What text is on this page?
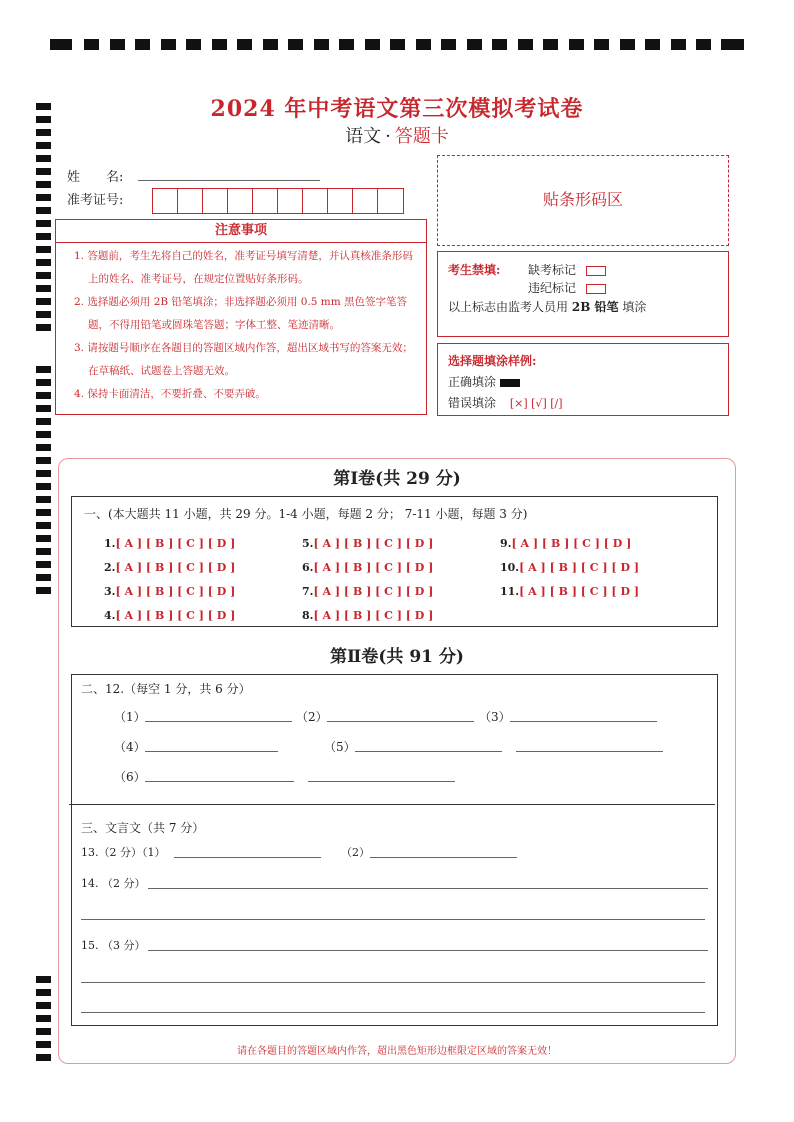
2024 年中考语文第三次模拟考试卷
语文 · 答题卡
姓　　名:
准考证号:	贴条形码区
注意事项
1. 答题前，考生先将自己的姓名，准考证号填写清楚，并认真核准条形码上的姓名、准考证号，在规定位置贴好条形码。
2. 选择题必须用 2B 铅笔填涂；非选择题必须用 0.5 mm 黑色签字笔答题，不得用铅笔或圆珠笔答题；字体工整、笔迹清晰。
3. 请按题号顺序在各题目的答题区域内作答，超出区域书写的答案无效；在草稿纸、试题卷上答题无效。
4. 保持卡面清洁，不要折叠、不要弄破。
考生禁填: 缺考标记
违纪标记
以上标志由监考人员用 2B 铅笔 填涂
选择题填涂样例:
正确填涂
错误填涂 [×] [√] [/]
第Ⅰ卷(共 29 分)
一、(本大题共 11 小题，共 29 分。1-4 小题，每题 2 分； 7-11 小题，每题 3 分)
1.[ A ] [ B ] [ C ] [ D ]
2.[ A ] [ B ] [ C ] [ D ]
3.[ A ] [ B ] [ C ] [ D ]
4.[ A ] [ B ] [ C ] [ D ]
5.[ A ] [ B ] [ C ] [ D ]
6.[ A ] [ B ] [ C ] [ D ]
7.[ A ] [ B ] [ C ] [ D ]
8.[ A ] [ B ] [ C ] [ D ]
9.[ A ] [ B ] [ C ] [ D ]
10.[ A ] [ B ] [ C ] [ D ]
11.[ A ] [ B ] [ C ] [ D ]
第Ⅱ卷(共 91 分)
二、12.（每空 1 分，共 6 分）
（1）	（2）	（3）
（4）	（5）
（6）
三、文言文（共 7 分）
13.（2 分）（1）	（2）
14. （2 分）
15. （3 分）
请在各题目的答题区域内作答，超出黑色矩形边框限定区域的答案无效！
